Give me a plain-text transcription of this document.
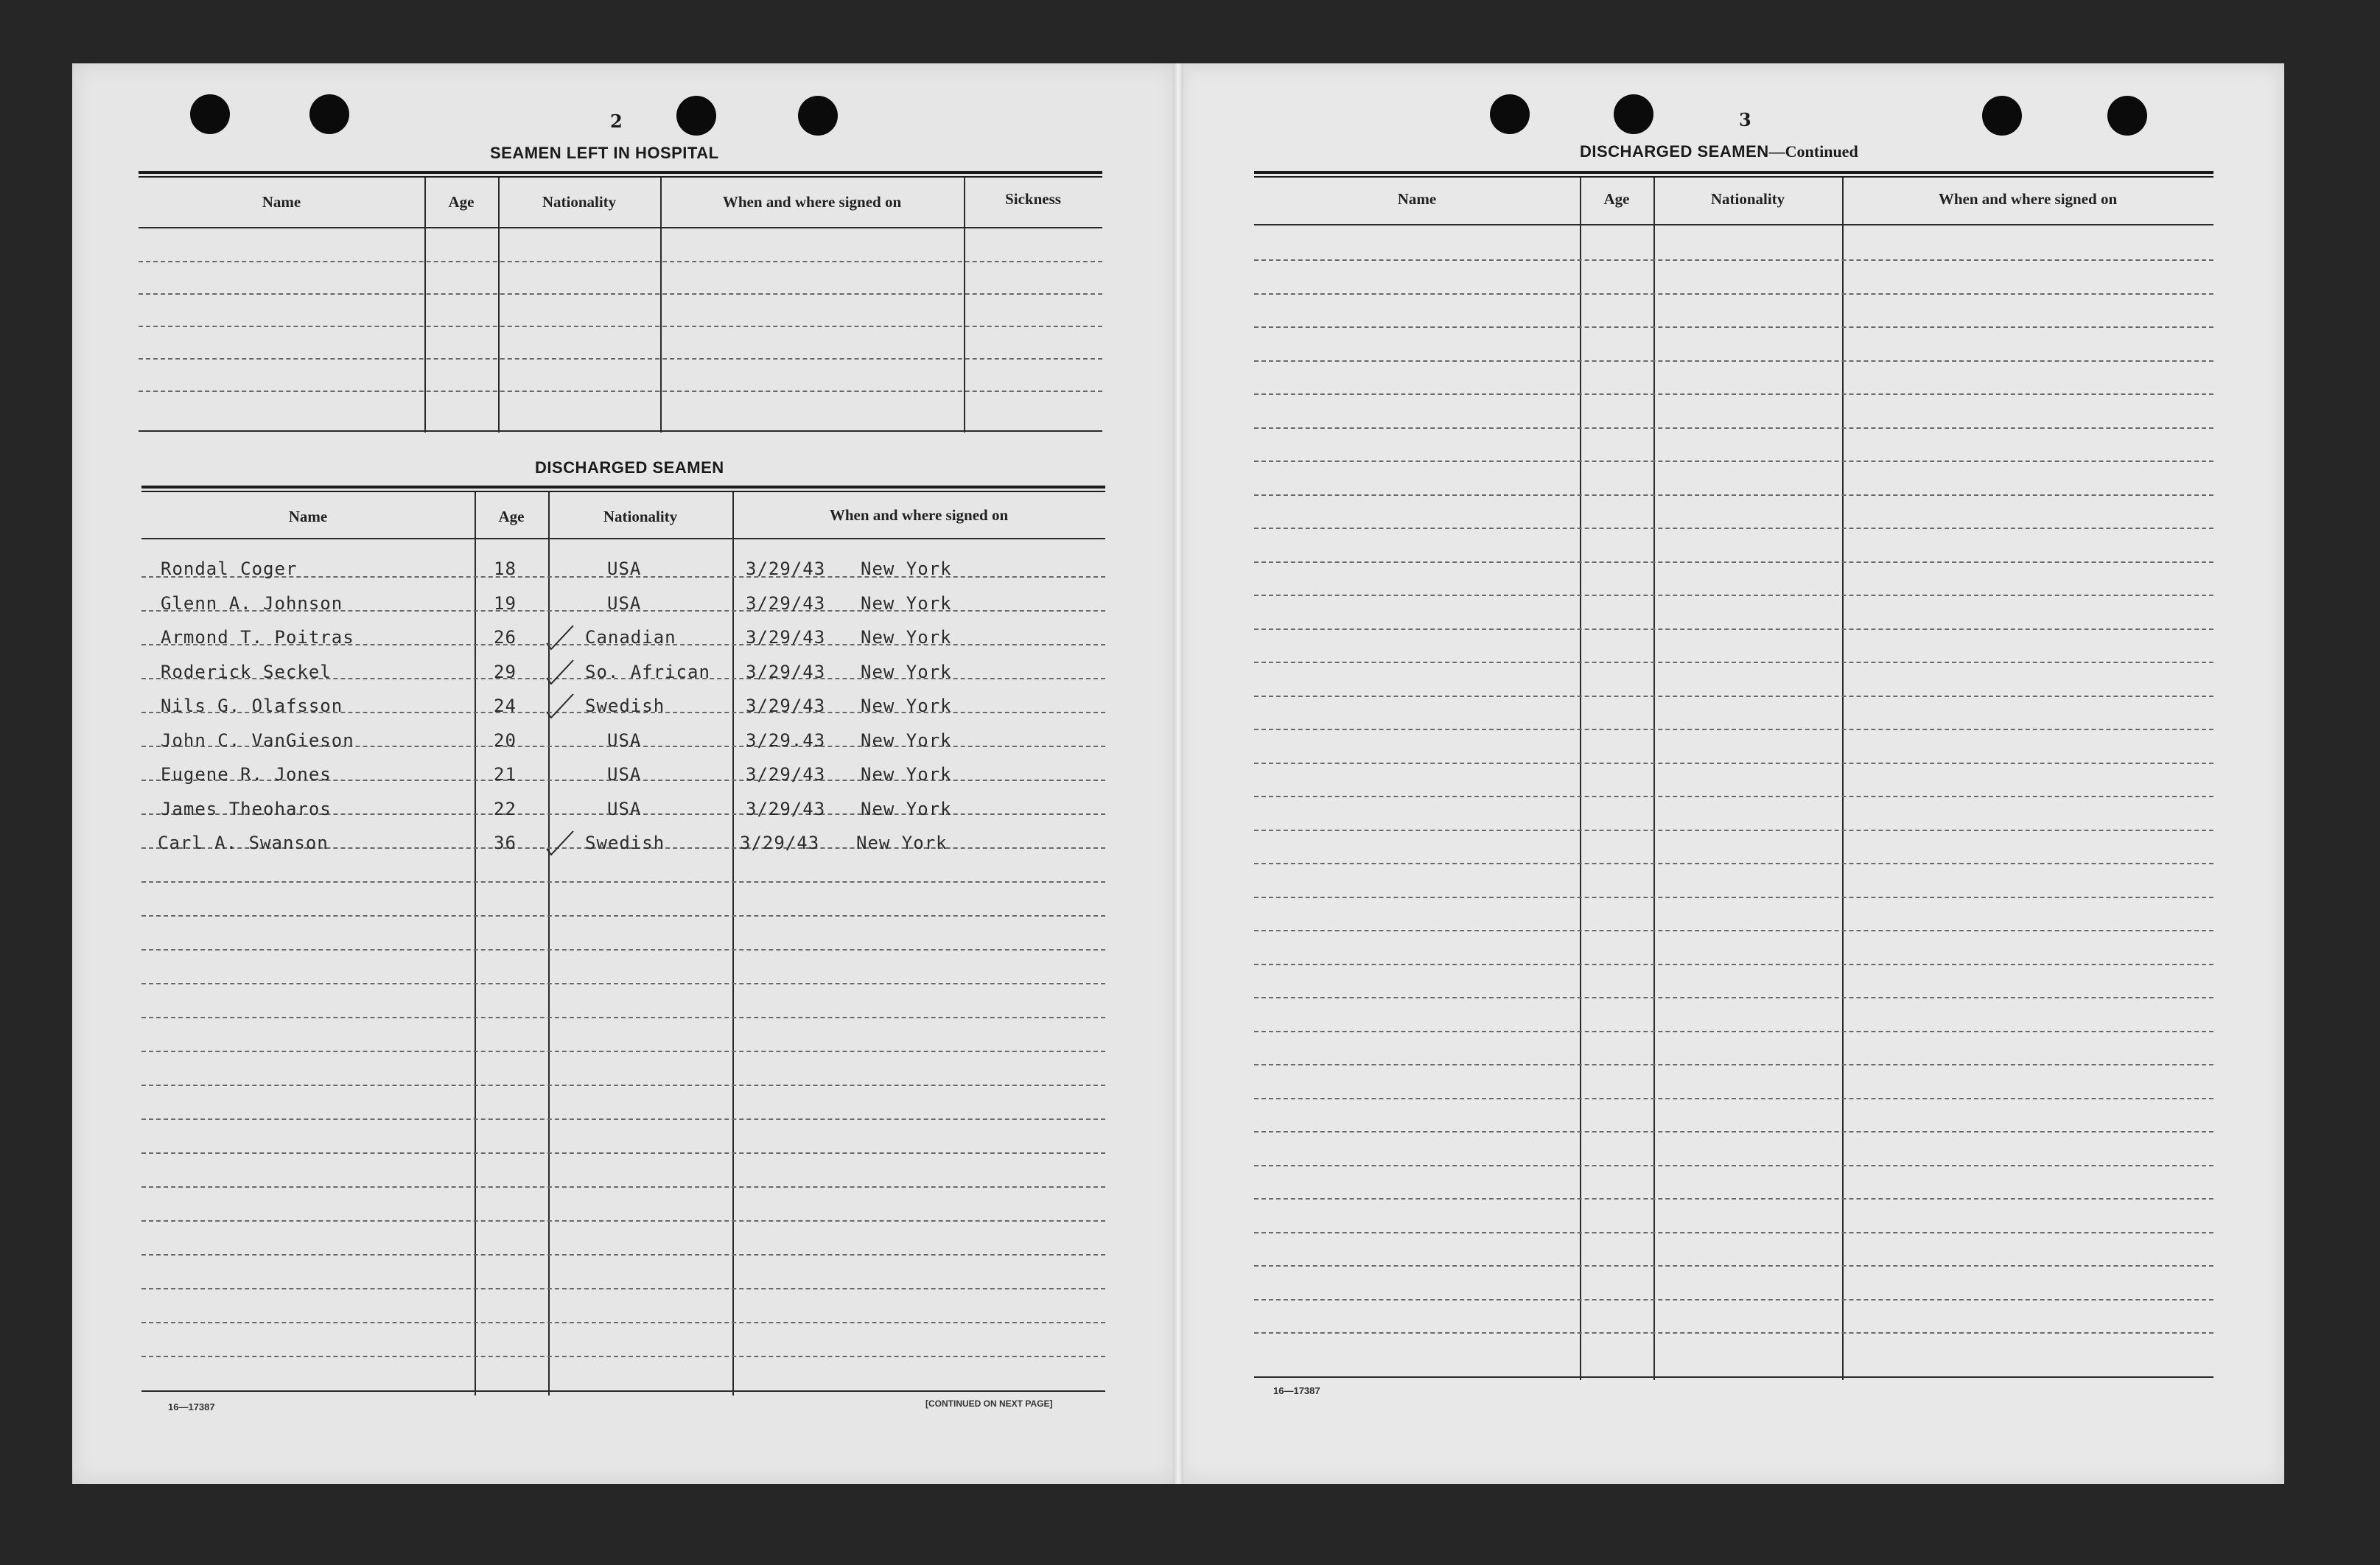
2	3
SEAMEN LEFT IN HOSPITAL
Name	Age	Nationality	When and where signed on	Sickness
DISCHARGED SEAMEN
Name	Age	Nationality	When and where signed on
Rondal Coger	18	USA	3/29/43 New York
Glenn A. Johnson	19	USA	3/29/43 New York
Armond T. Poitras	26	Canadian	3/29/43 New York
Roderick Seckel	29	So. African 3/29/43 New York
Nils G. Olafsson	24	Swedish	3/29/43 New York
John C. VanGieson	20	USA	3/29.43 New York
Eugene R. Jones	21	USA	3/29/43 New York
James Theoharos	22	USA	3/29/43 New York
Carl A. Swanson	36	Swedish	3/29/43 New York
16—17387	[CONTINUED ON NEXT PAGE]
DISCHARGED SEAMEN—Continued
Name	Age	Nationality	When and where signed on
16—17387
